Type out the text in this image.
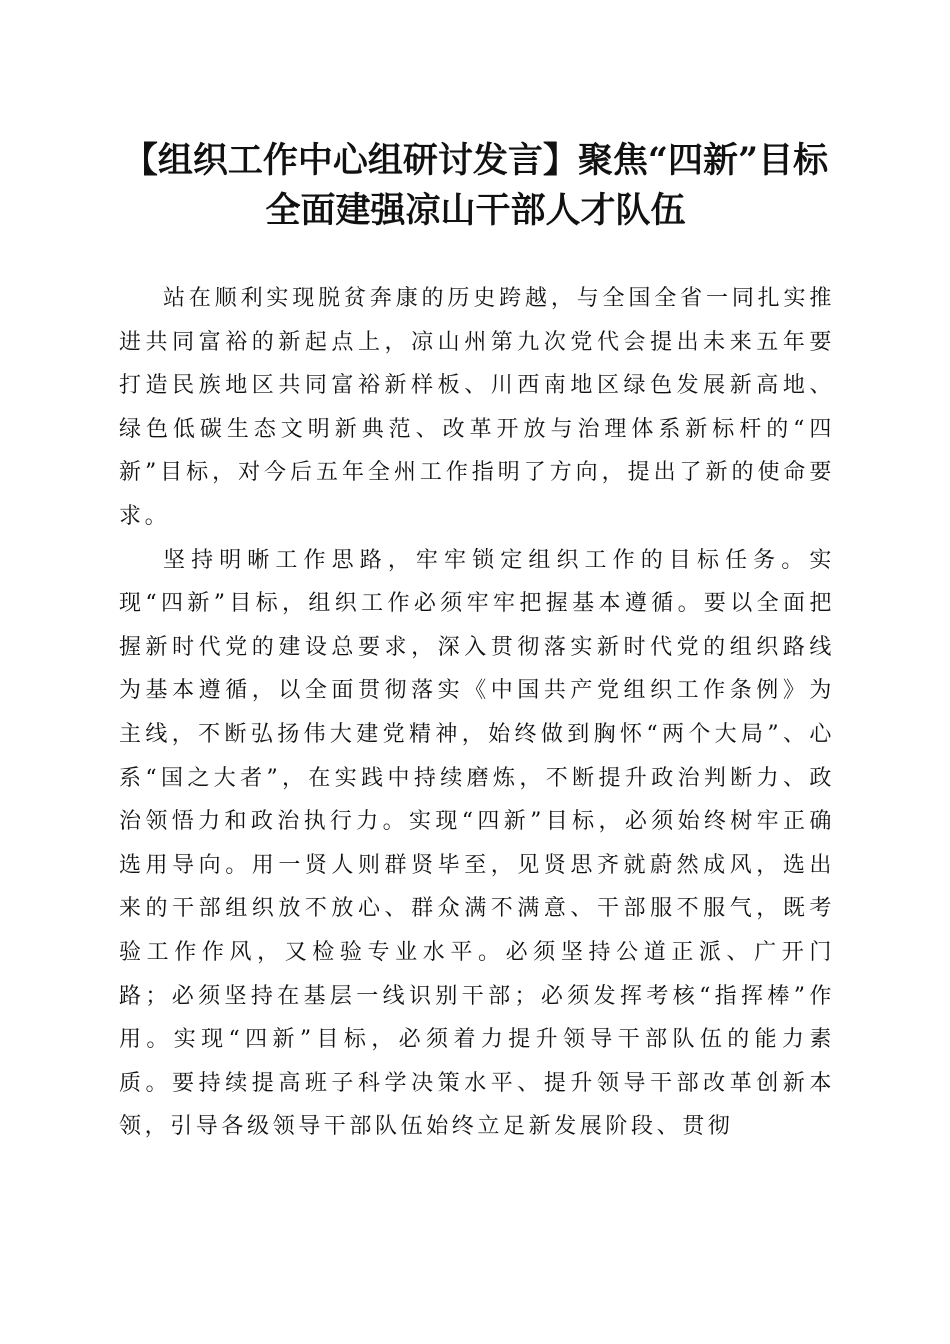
【组织工作中心组研讨发言】聚焦“四新”目标全面建强凉山干部人才队伍

站在顺利实现脱贫奔康的历史跨越，与全国全省一同扎实推进共同富裕的新起点上，凉山州第九次党代会提出未来五年要打造民族地区共同富裕新样板、川西南地区绿色发展新高地、绿色低碳生态文明新典范、改革开放与治理体系新标杆的“四新”目标，对今后五年全州工作指明了方向，提出了新的使命要求。

坚持明晰工作思路，牢牢锁定组织工作的目标任务。实现“四新”目标，组织工作必须牢牢把握基本遵循。要以全面把握新时代党的建设总要求，深入贯彻落实新时代党的组织路线为基本遵循，以全面贯彻落实《中国共产党组织工作条例》为主线，不断弘扬伟大建党精神，始终做到胸怀“两个大局”、心系“国之大者”，在实践中持续磨炼，不断提升政治判断力、政治领悟力和政治执行力。实现“四新”目标，必须始终树牢正确选用导向。用一贤人则群贤毕至，见贤思齐就蔚然成风，选出来的干部组织放不放心、群众满不满意、干部服不服气，既考验工作作风，又检验专业水平。必须坚持公道正派、广开门路；必须坚持在基层一线识别干部；必须发挥考核“指挥棒”作用。实现“四新”目标，必须着力提升领导干部队伍的能力素质。要持续提高班子科学决策水平、提升领导干部改革创新本领，引导各级领导干部队伍始终立足新发展阶段、贯彻
